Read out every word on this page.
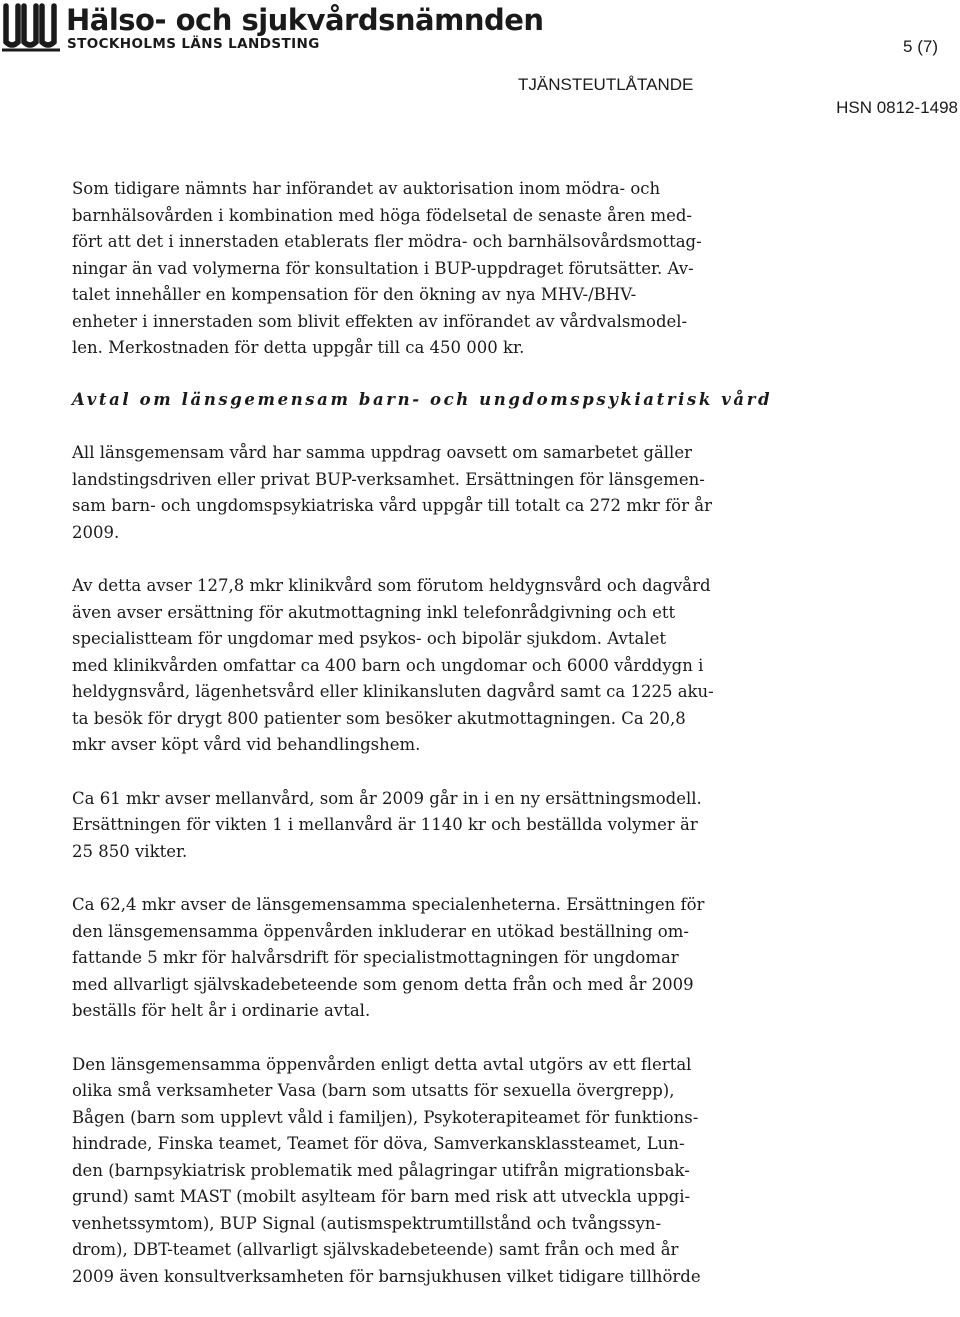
Hälso- och sjukvårdsnämnden
STOCKHOLMS LÄNS LANDSTING	5 (7)
TJÄNSTEUTLÅTANDE
HSN 0812-1498
Som tidigare nämnts har införandet av auktorisation inom mödra- och
barnhälsovården i kombination med höga födelsetal de senaste åren med-
fört att det i innerstaden etablerats fler mödra- och barnhälsovårdsmottag-
ningar än vad volymerna för konsultation i BUP-uppdraget förutsätter. Av-
talet innehåller en kompensation för den ökning av nya MHV-/BHV-
enheter i innerstaden som blivit effekten av införandet av vårdvalsmodel-
len. Merkostnaden för detta uppgår till ca 450 000 kr.
Avtal om länsgemensam barn- och ungdomspsykiatrisk vård
All länsgemensam vård har samma uppdrag oavsett om samarbetet gäller
landstingsdriven eller privat BUP-verksamhet. Ersättningen för länsgemen-
sam barn- och ungdomspsykiatriska vård uppgår till totalt ca 272 mkr för år
2009.
Av detta avser 127,8 mkr klinikvård som förutom heldygnsvård och dagvård
även avser ersättning för akutmottagning inkl telefonrådgivning och ett
specialistteam för ungdomar med psykos- och bipolär sjukdom. Avtalet
med klinikvården omfattar ca 400 barn och ungdomar och 6000 vårddygn i
heldygnsvård, lägenhetsvård eller klinikansluten dagvård samt ca 1225 aku-
ta besök för drygt 800 patienter som besöker akutmottagningen. Ca 20,8
mkr avser köpt vård vid behandlingshem.
Ca 61 mkr avser mellanvård, som år 2009 går in i en ny ersättningsmodell.
Ersättningen för vikten 1 i mellanvård är 1140 kr och beställda volymer är
25 850 vikter.
Ca 62,4 mkr avser de länsgemensamma specialenheterna. Ersättningen för
den länsgemensamma öppenvården inkluderar en utökad beställning om-
fattande 5 mkr för halvårsdrift för specialistmottagningen för ungdomar
med allvarligt självskadebeteende som genom detta från och med år 2009
beställs för helt år i ordinarie avtal.
Den länsgemensamma öppenvården enligt detta avtal utgörs av ett flertal
olika små verksamheter Vasa (barn som utsatts för sexuella övergrepp),
Bågen (barn som upplevt våld i familjen), Psykoterapiteamet för funktions-
hindrade, Finska teamet, Teamet för döva, Samverkansklassteamet, Lun-
den (barnpsykiatrisk problematik med pålagringar utifrån migrationsbak-
grund) samt MAST (mobilt asylteam för barn med risk att utveckla uppgi-
venhetssymtom), BUP Signal (autismspektrumtillstånd och tvångssyn-
drom), DBT-teamet (allvarligt självskadebeteende) samt från och med år
2009 även konsultverksamheten för barnsjukhusen vilket tidigare tillhörde
